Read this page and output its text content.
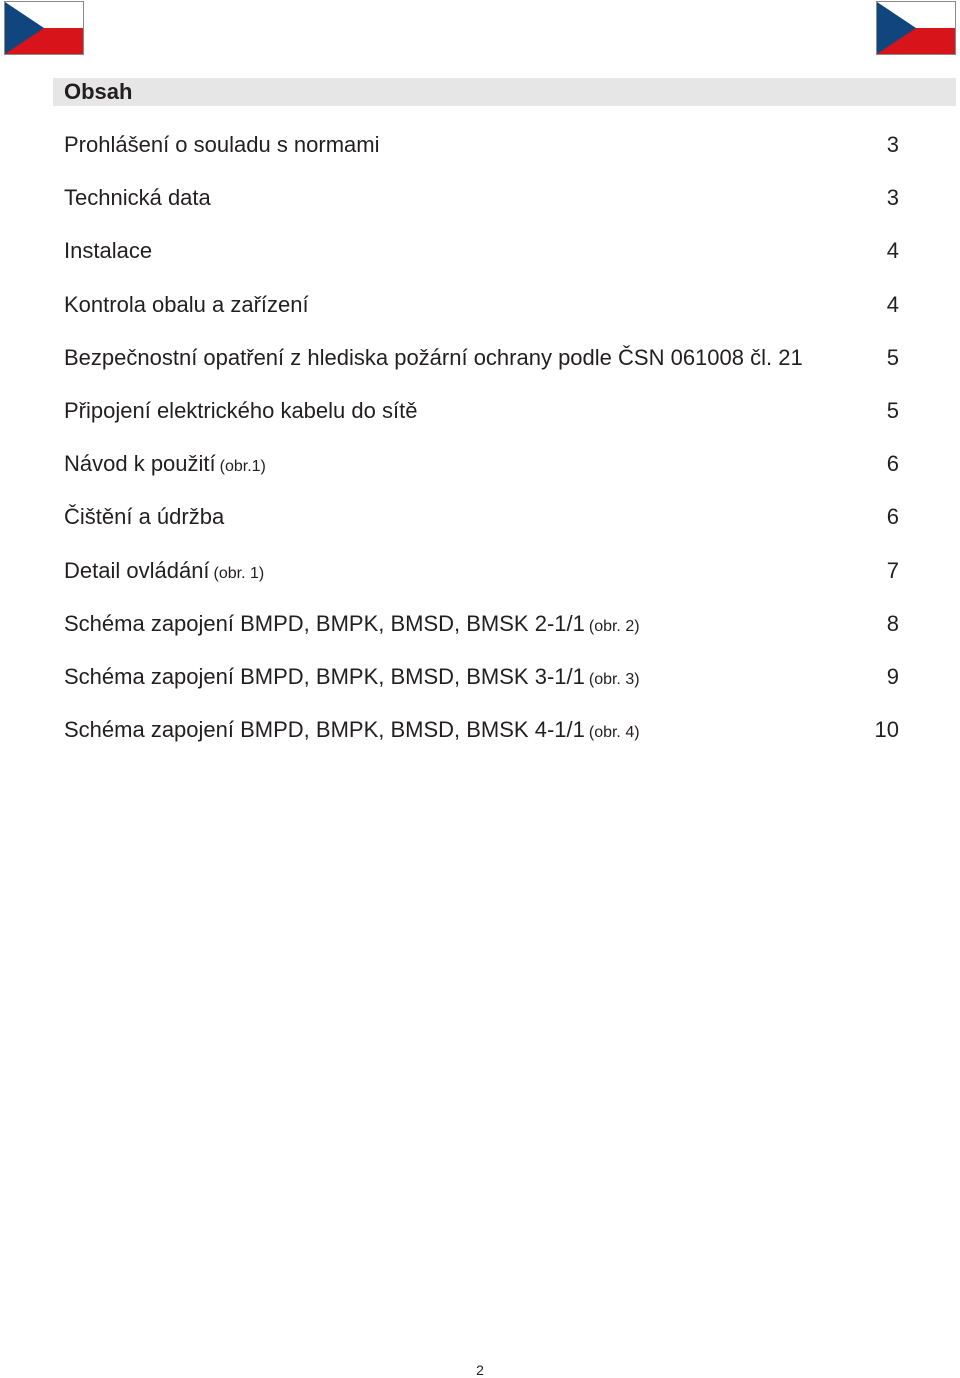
Obsah
Prohlášení o souladu s normami	3
Technická data	3
Instalace	4
Kontrola obalu a zařízení	4
Bezpečnostní opatření z hlediska požární ochrany podle ČSN 061008 čl. 21	5
Připojení elektrického kabelu do sítě	5
Návod k použití (obr.1)	6
Čištění a údržba	6
Detail ovládání (obr. 1)	7
Schéma zapojení BMPD, BMPK, BMSD, BMSK 2-1/1 (obr. 2)	8
Schéma zapojení BMPD, BMPK, BMSD, BMSK 3-1/1 (obr. 3)	9
Schéma zapojení BMPD, BMPK, BMSD, BMSK 4-1/1 (obr. 4)	10
2
